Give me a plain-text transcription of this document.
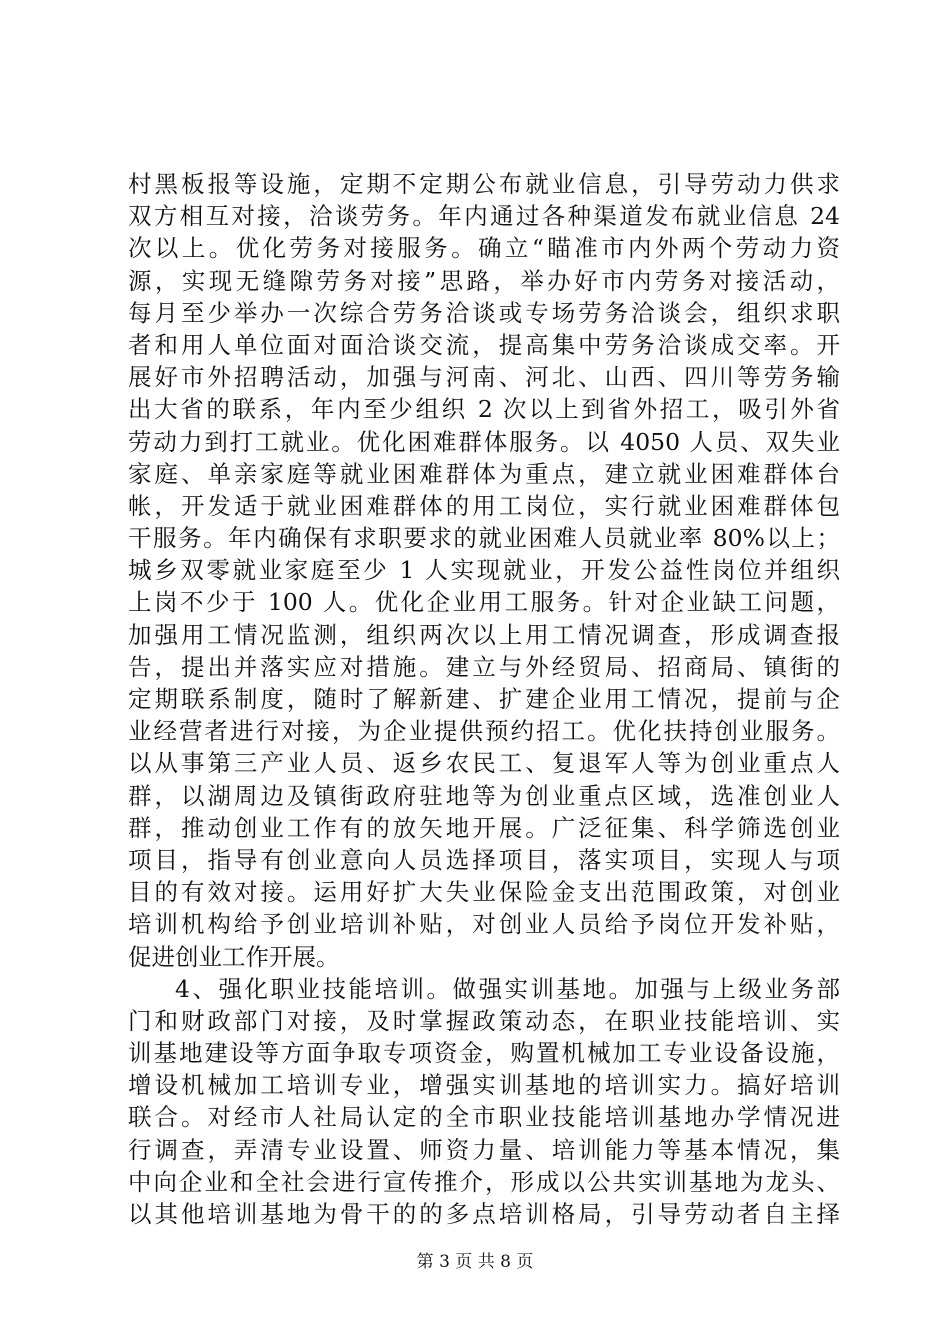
村黑板报等设施，定期不定期公布就业信息，引导劳动力供求
双方相互对接，洽谈劳务。年内通过各种渠道发布就业信息 24
次以上。优化劳务对接服务。确立“瞄准市内外两个劳动力资
源，实现无缝隙劳务对接”思路，举办好市内劳务对接活动，
每月至少举办一次综合劳务洽谈或专场劳务洽谈会，组织求职
者和用人单位面对面洽谈交流，提高集中劳务洽谈成交率。开
展好市外招聘活动，加强与河南、河北、山西、四川等劳务输
出大省的联系，年内至少组织 2 次以上到省外招工，吸引外省
劳动力到打工就业。优化困难群体服务。以 4050 人员、双失业
家庭、单亲家庭等就业困难群体为重点，建立就业困难群体台
帐，开发适于就业困难群体的用工岗位，实行就业困难群体包
干服务。年内确保有求职要求的就业困难人员就业率 80%以上；
城乡双零就业家庭至少 1 人实现就业，开发公益性岗位并组织
上岗不少于 100 人。优化企业用工服务。针对企业缺工问题，
加强用工情况监测，组织两次以上用工情况调查，形成调查报
告，提出并落实应对措施。建立与外经贸局、招商局、镇街的
定期联系制度，随时了解新建、扩建企业用工情况，提前与企
业经营者进行对接，为企业提供预约招工。优化扶持创业服务。
以从事第三产业人员、返乡农民工、复退军人等为创业重点人
群，以湖周边及镇街政府驻地等为创业重点区域，选准创业人
群，推动创业工作有的放矢地开展。广泛征集、科学筛选创业
项目，指导有创业意向人员选择项目，落实项目，实现人与项
目的有效对接。运用好扩大失业保险金支出范围政策，对创业
培训机构给予创业培训补贴，对创业人员给予岗位开发补贴，
促进创业工作开展。
4、强化职业技能培训。做强实训基地。加强与上级业务部
门和财政部门对接，及时掌握政策动态，在职业技能培训、实
训基地建设等方面争取专项资金，购置机械加工专业设备设施，
增设机械加工培训专业，增强实训基地的培训实力。搞好培训
联合。对经市人社局认定的全市职业技能培训基地办学情况进
行调查，弄清专业设置、师资力量、培训能力等基本情况，集
中向企业和全社会进行宣传推介，形成以公共实训基地为龙头、
以其他培训基地为骨干的的多点培训格局，引导劳动者自主择
第 3 页 共 8 页
